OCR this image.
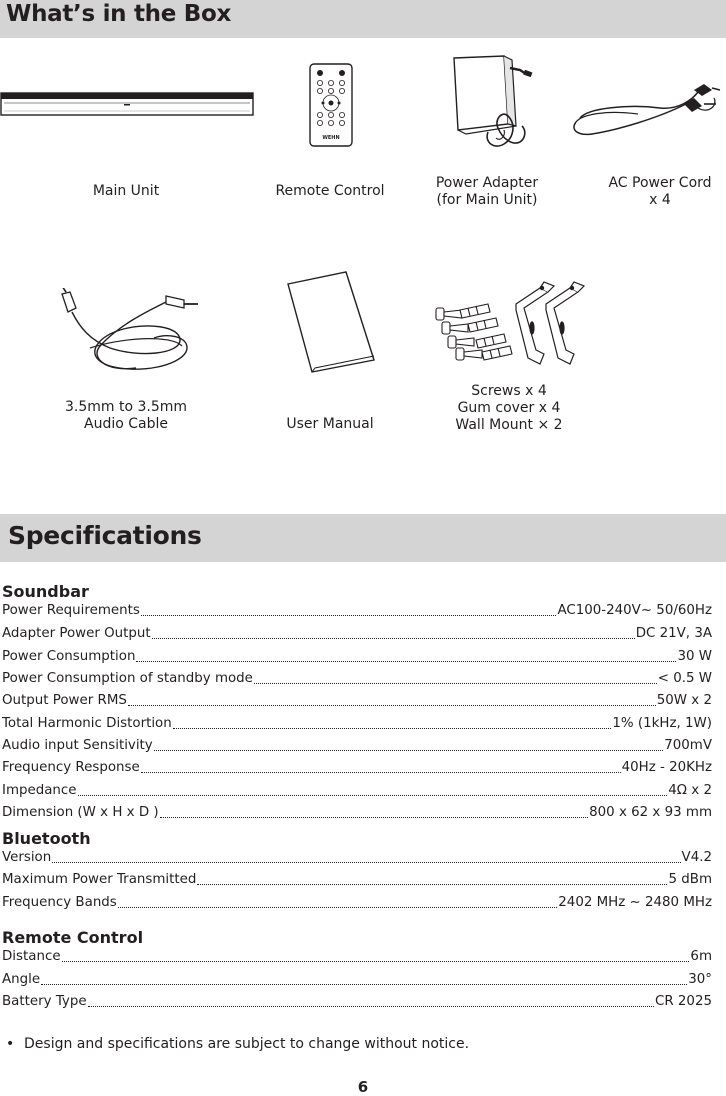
What’s in the Box
Main Unit
WEHN
Remote Control	Power Adapter
(for Main Unit)
AC Power Cord
x 4
3.5mm to 3.5mm
Audio Cable	User Manual
Screws x 4
Gum cover x 4
Wall Mount × 2
Specifications
Soundbar
Power Requirements	AC100-240V~ 50/60Hz
Adapter Power Output	DC 21V, 3A
Power Consumption	30 W
Power Consumption of standby mode	< 0.5 W
Output Power RMS	50W x 2
Total Harmonic Distortion	1% (1kHz, 1W)
Audio input Sensitivity	700mV
Frequency Response	40Hz - 20KHz
Impedance	4Ω x 2
Dimension (W x H x D )	800 x 62 x 93 mm
Bluetooth
Version	V4.2
Maximum Power Transmitted	5 dBm
Frequency Bands	2402 MHz ~ 2480 MHz
Remote Control
Distance	6m
Angle	30°
Battery Type	CR 2025
• Design and specifications are subject to change without notice.
6
